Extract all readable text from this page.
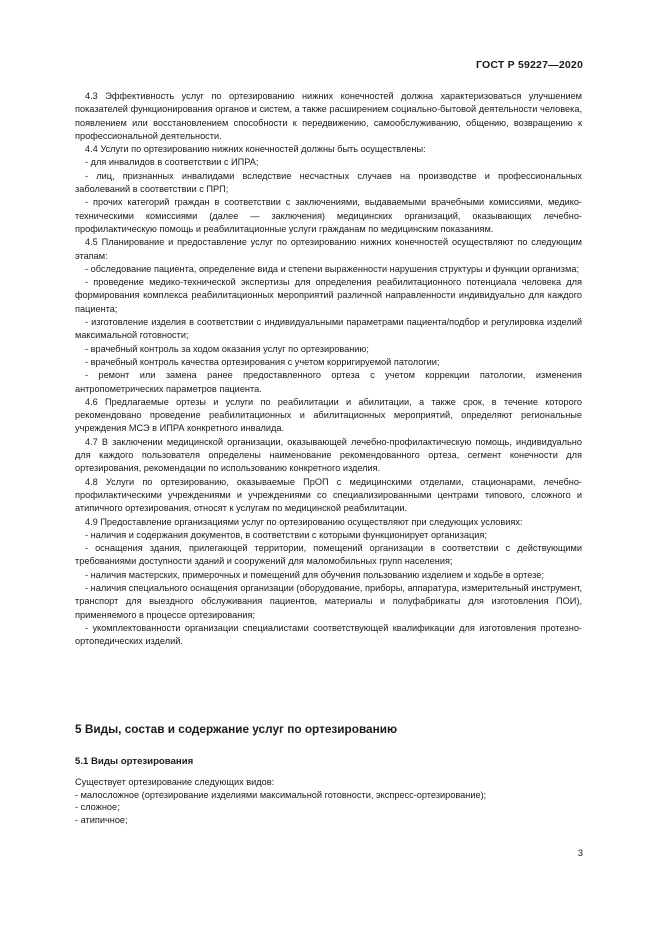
ГОСТ Р 59227—2020

4.3 Эффективность услуг по ортезированию нижних конечностей должна характеризоваться улучшением показателей функционирования органов и систем, а также расширением социально-бытовой деятельности человека, появлением или восстановлением способности к передвижению, самообслуживанию, общению, возвращению к профессиональной деятельности.

4.4 Услуги по ортезированию нижних конечностей должны быть осуществлены:

- для инвалидов в соответствии с ИПРА;

- лиц, признанных инвалидами вследствие несчастных случаев на производстве и профессиональных заболеваний в соответствии с ПРП;

- прочих категорий граждан в соответствии с заключениями, выдаваемыми врачебными комиссиями, медико-техническими комиссиями (далее — заключения) медицинских организаций, оказывающих лечебно-профилактическую помощь и реабилитационные услуги гражданам по медицинским показаниям.

4.5 Планирование и предоставление услуг по ортезированию нижних конечностей осуществляют по следующим этапам:

- обследование пациента, определение вида и степени выраженности нарушения структуры и функции организма;

- проведение медико-технической экспертизы для определения реабилитационного потенциала человека для формирования комплекса реабилитационных мероприятий различной направленности индивидуально для каждого пациента;

- изготовление изделия в соответствии с индивидуальными параметрами пациента/подбор и регулировка изделий максимальной готовности;

- врачебный контроль за ходом оказания услуг по ортезированию;

- врачебный контроль качества ортезирования с учетом корригируемой патологии;

- ремонт или замена ранее предоставленного ортеза с учетом коррекции патологии, изменения антропометрических параметров пациента.

4.6 Предлагаемые ортезы и услуги по реабилитации и абилитации, а также срок, в течение которого рекомендовано проведение реабилитационных и абилитационных мероприятий, определяют региональные учреждения МСЭ в ИПРА конкретного инвалида.

4.7 В заключении медицинской организации, оказывающей лечебно-профилактическую помощь, индивидуально для каждого пользователя определены наименование рекомендованного ортеза, сегмент конечности для ортезирования, рекомендации по использованию конкретного изделия.

4.8 Услуги по ортезированию, оказываемые ПрОП с медицинскими отделами, стационарами, лечебно-профилактическими учреждениями и учреждениями со специализированными центрами типового, сложного и атипичного ортезирования, относят к услугам по медицинской реабилитации.

4.9 Предоставление организациями услуг по ортезированию осуществляют при следующих условиях:

- наличия и содержания документов, в соответствии с которыми функционирует организация;

- оснащения здания, прилегающей территории, помещений организации в соответствии с действующими требованиями доступности зданий и сооружений для маломобильных групп населения;

- наличия мастерских, примерочных и помещений для обучения пользованию изделием и ходьбе в ортезе;

- наличия специального оснащения организации (оборудование, приборы, аппаратура, измерительный инструмент, транспорт для выездного обслуживания пациентов, материалы и полуфабрикаты для изготовления ПОИ), применяемого в процессе ортезирования;

- укомплектованности организации специалистами соответствующей квалификации для изготовления протезно-ортопедических изделий.

5 Виды, состав и содержание услуг по ортезированию
5.1 Виды ортезирования

Существует ортезирование следующих видов:

- малосложное (ортезирование изделиями максимальной готовности, экспресс-ортезирование);

- сложное;

- атипичное;

3
